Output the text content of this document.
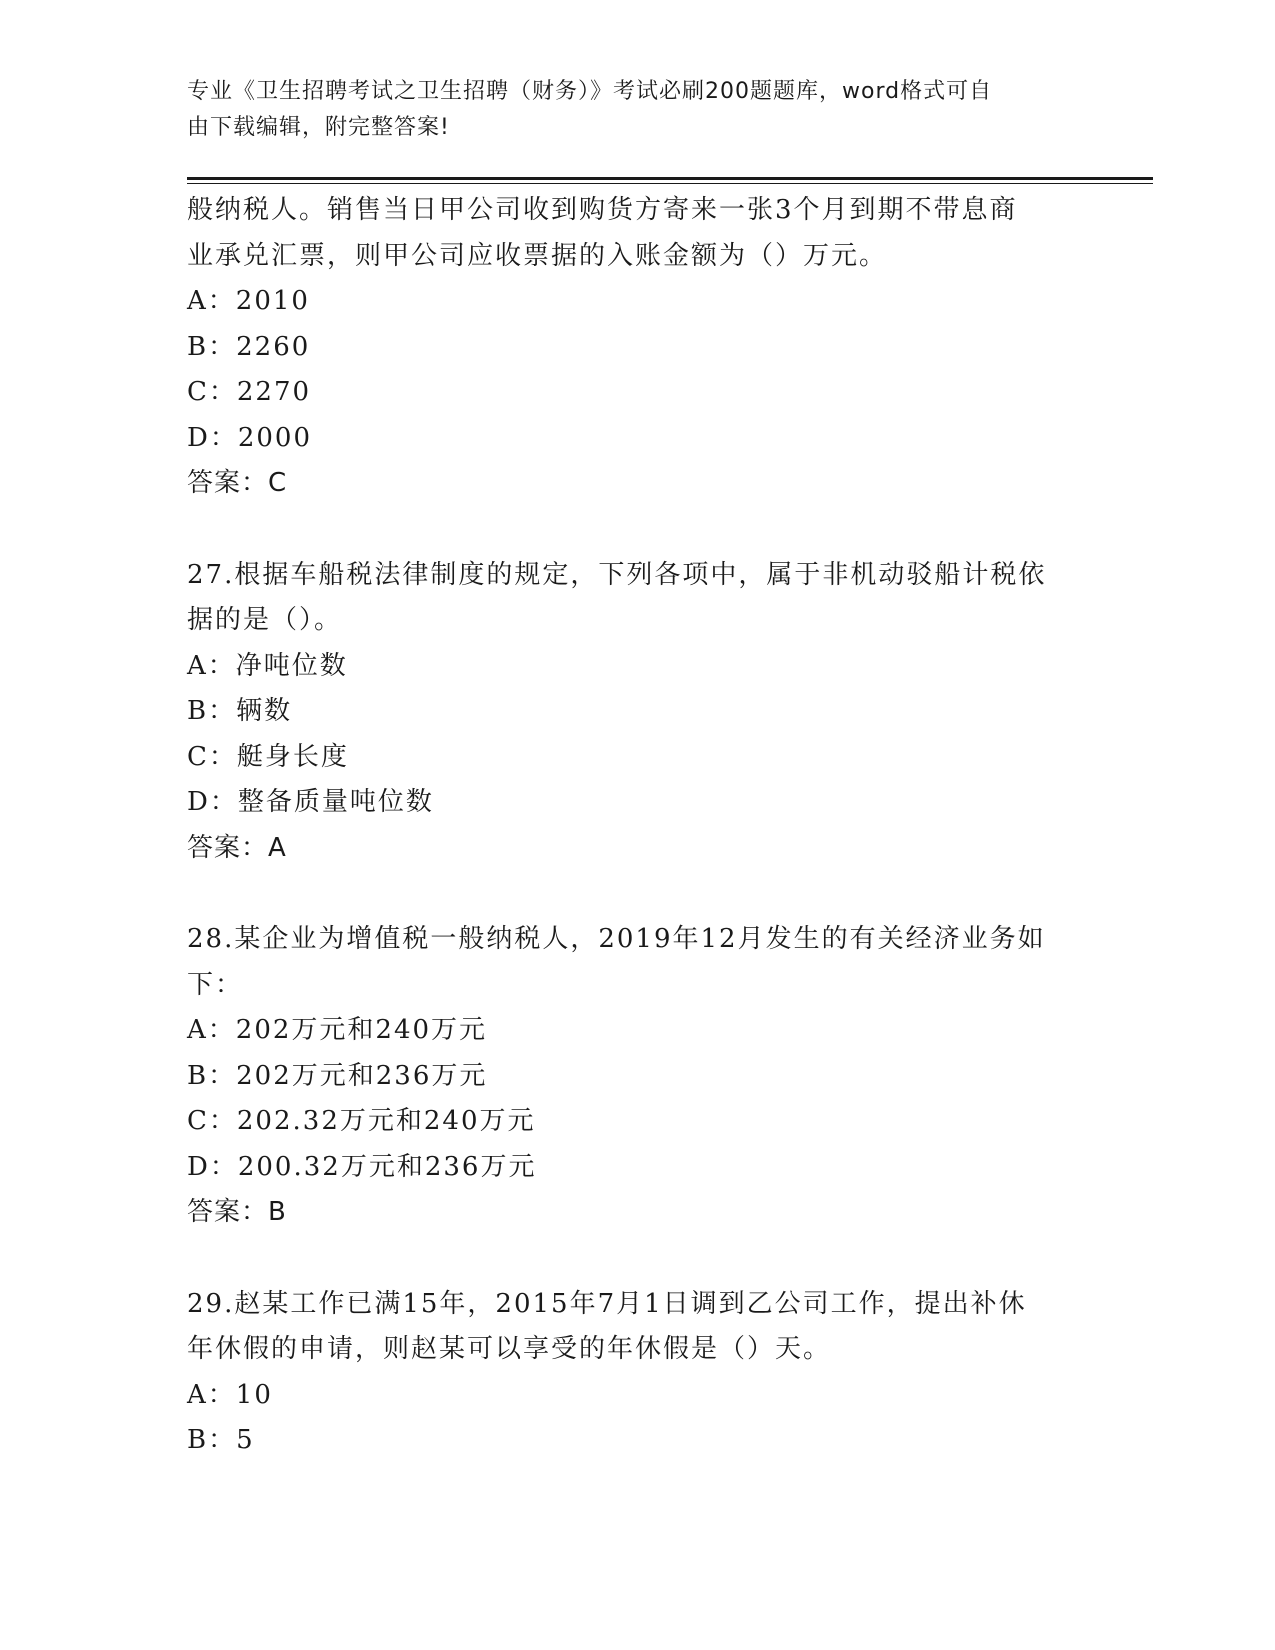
专业《卫生招聘考试之卫生招聘（财务）》考试必刷200题题库，word格式可自
由下载编辑，附完整答案!
般纳税人。销售当日甲公司收到购货方寄来一张3个月到期不带息商
业承兑汇票，则甲公司应收票据的入账金额为（）万元。
A：2010
B：2260
C：2270
D：2000
答案：C
27.根据车船税法律制度的规定，下列各项中，属于非机动驳船计税依
据的是（）。
A：净吨位数
B：辆数
C：艇身长度
D：整备质量吨位数
答案：A
28.某企业为增值税一般纳税人，2019年12月发生的有关经济业务如
下：
A：202万元和240万元
B：202万元和236万元
C：202.32万元和240万元
D：200.32万元和236万元
答案：B
29.赵某工作已满15年，2015年7月1日调到乙公司工作，提出补休
年休假的申请，则赵某可以享受的年休假是（）天。
A：10
B：5
